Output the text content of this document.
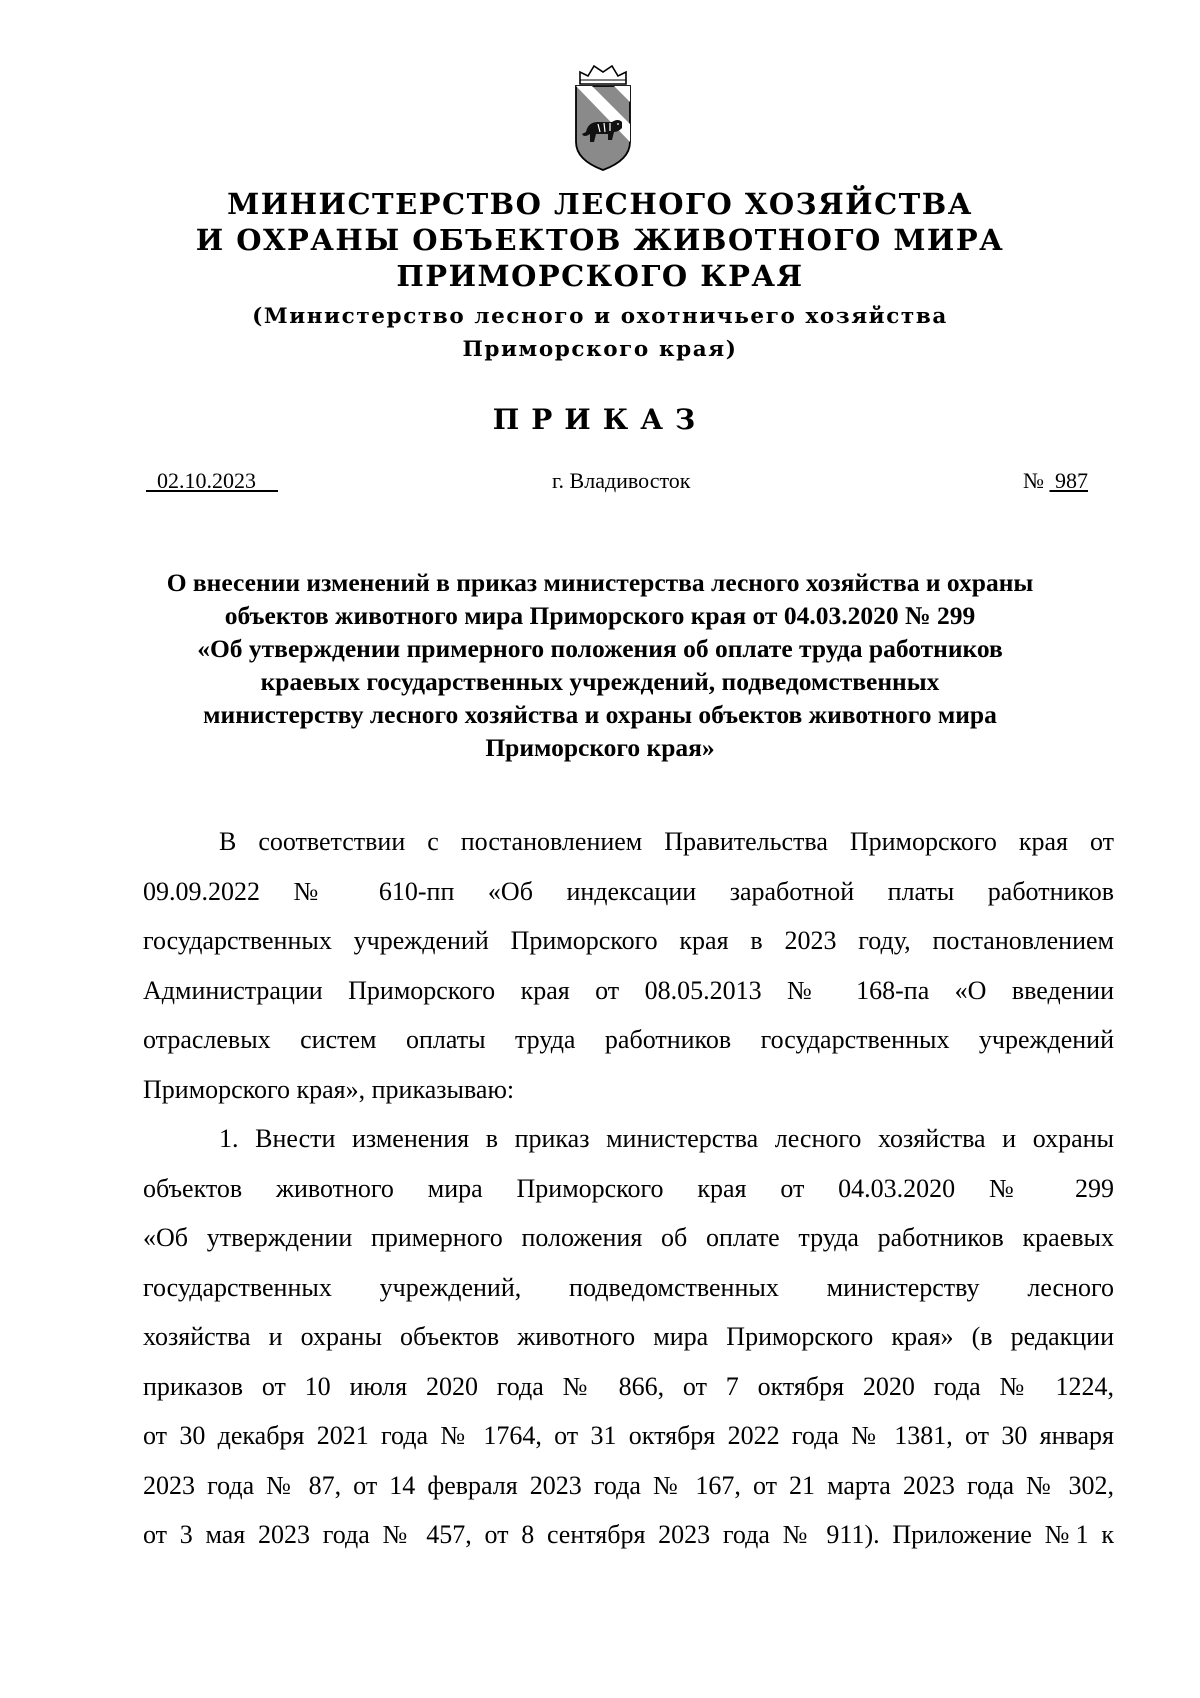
МИНИСТЕРСТВО ЛЕСНОГО ХОЗЯЙСТВА
И ОХРАНЫ ОБЪЕКТОВ ЖИВОТНОГО МИРА
ПРИМОРСКОГО КРАЯ
(Министерство лесного и охотничьего хозяйства
Приморского края)
ПРИКАЗ
02.10.2023	г. Владивосток	№  987
О внесении изменений в приказ министерства лесного хозяйства и охраны
объектов животного мира Приморского края от 04.03.2020 № 299
«Об утверждении примерного положения об оплате труда работников
краевых государственных учреждений, подведомственных
министерству лесного хозяйства и охраны объектов животного мира
Приморского края»
В соответствии с постановлением Правительства Приморского края от
09.09.2022 № 610-пп «Об индексации заработной платы работников
государственных учреждений Приморского края в 2023 году, постановлением
Администрации Приморского края от 08.05.2013 № 168-па «О введении
отраслевых систем оплаты труда работников государственных учреждений
Приморского края», приказываю:
1. Внести изменения в приказ министерства лесного хозяйства и охраны
объектов животного мира Приморского края от 04.03.2020 № 299
«Об утверждении примерного положения об оплате труда работников краевых
государственных учреждений, подведомственных министерству лесного
хозяйства и охраны объектов животного мира Приморского края» (в редакции
приказов от 10 июля 2020 года № 866, от 7 октября 2020 года № 1224,
от 30 декабря 2021 года № 1764, от 31 октября 2022 года № 1381, от 30 января
2023 года № 87, от 14 февраля 2023 года № 167, от 21 марта 2023 года № 302,
от 3 мая 2023 года № 457, от 8 сентября 2023 года № 911). Приложение №1 к
